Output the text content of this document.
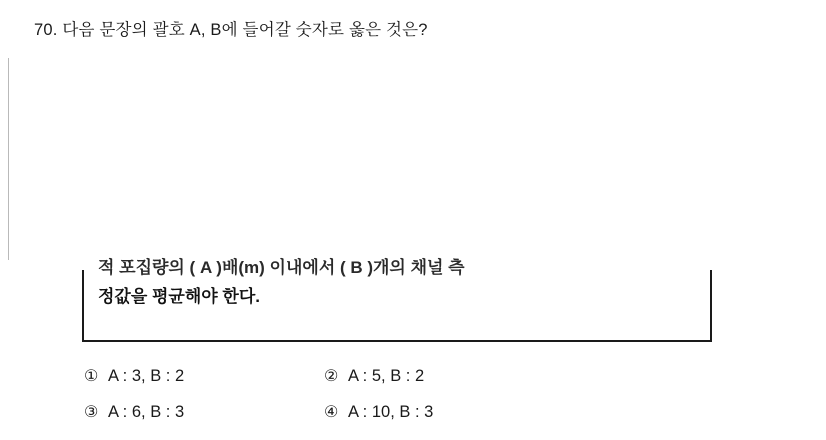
70. 다음 문장의 괄호 A, B에 들어갈 숫자로 옳은 것은?
적 포집량의 ( A )배(m) 이내에서 ( B )개의 채널 측
정값을 평균해야 한다.
① A : 3, B : 2	② A : 5, B : 2
③ A : 6, B : 3	④ A : 10, B : 3
